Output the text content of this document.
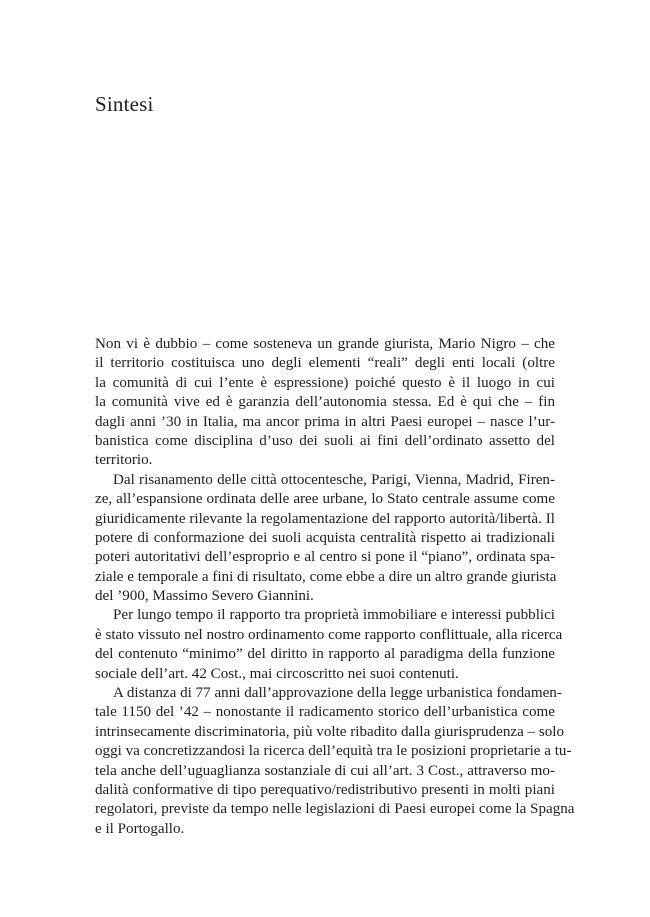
Sintesi
Non vi è dubbio – come sosteneva un grande giurista, Mario Nigro – che
il territorio costituisca uno degli elementi “reali” degli enti locali (oltre
la comunità di cui l’ente è espressione) poiché questo è il luogo in cui
la comunità vive ed è garanzia dell’autonomia stessa. Ed è qui che – fin
dagli anni ’30 in Italia, ma ancor prima in altri Paesi europei – nasce l’ur-
banistica come disciplina d’uso dei suoli ai fini dell’ordinato assetto del
territorio.
Dal risanamento delle città ottocentesche, Parigi, Vienna, Madrid, Firen-
ze, all’espansione ordinata delle aree urbane, lo Stato centrale assume come
giuridicamente rilevante la regolamentazione del rapporto autorità/libertà. Il
potere di conformazione dei suoli acquista centralità rispetto ai tradizionali
poteri autoritativi dell’esproprio e al centro si pone il “piano”, ordinata spa-
ziale e temporale a fini di risultato, come ebbe a dire un altro grande giurista
del ’900, Massimo Severo Giannini.
Per lungo tempo il rapporto tra proprietà immobiliare e interessi pubblici
è stato vissuto nel nostro ordinamento come rapporto conflittuale, alla ricerca
del contenuto “minimo” del diritto in rapporto al paradigma della funzione
sociale dell’art. 42 Cost., mai circoscritto nei suoi contenuti.
A distanza di 77 anni dall’approvazione della legge urbanistica fondamen-
tale 1150 del ’42 – nonostante il radicamento storico dell’urbanistica come
intrinsecamente discriminatoria, più volte ribadito dalla giurisprudenza – solo
oggi va concretizzandosi la ricerca dell’equità tra le posizioni proprietarie a tu-
tela anche dell’uguaglianza sostanziale di cui all’art. 3 Cost., attraverso mo-
dalità conformative di tipo perequativo/redistributivo presenti in molti piani
regolatori, previste da tempo nelle legislazioni di Paesi europei come la Spagna
e il Portogallo.
